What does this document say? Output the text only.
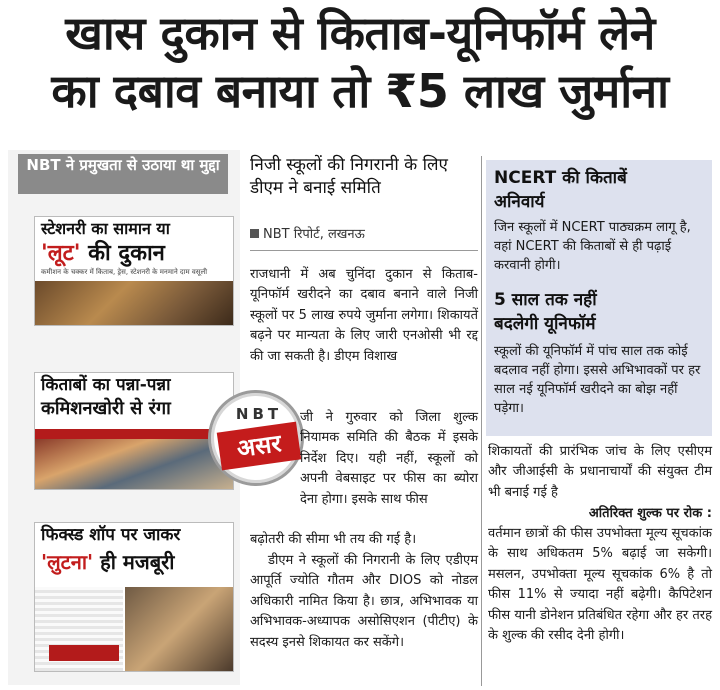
खास दुकान से किताब-यूनिफॉर्म लेने
का दबाव बनाया तो ₹5 लाख जुर्माना
NBT ने प्रमुखता से उठाया था मुद्दा
स्टेशनरी का सामान या
'लूट' की दुकान
कमीशन के चक्कर में किताब, ड्रेस, स्टेशनरी के मनमाने दाम वसूली
किताबों का पन्ना-पन्ना
कमिशनखोरी से रंगा
फिक्स्ड शॉप पर जाकर
'लुटना' ही मजबूरी
NBT
असर
निजी स्कूलों की निगरानी के लिए डीएम ने बनाई समिति
NBT रिपोर्ट, लखनऊ
राजधानी में अब चुनिंदा दुकान से किताब-यूनिफॉर्म खरीदने का दबाव बनाने वाले निजी स्कूलों पर 5 लाख रुपये जुर्माना लगेगा। शिकायतें बढ़ने पर मान्यता के लिए जारी एनओसी भी रद्द की जा सकती है। डीएम विशाख
जी ने गुरुवार को जिला शुल्क नियामक समिति की बैठक में इसके निर्देश दिए। यही नहीं, स्कूलों को अपनी वेबसाइट पर फीस का ब्योरा देना होगा। इसके साथ फीस
बढ़ोतरी की सीमा भी तय की गई है।
डीएम ने स्कूलों की निगरानी के लिए एडीएम आपूर्ति ज्योति गौतम और DIOS को नोडल अधिकारी नामित किया है। छात्र, अभिभावक या अभिभावक-अध्यापक असोसिएशन (पीटीए) के सदस्य इनसे शिकायत कर सकेंगे।
NCERT की किताबें
अनिवार्य
जिन स्कूलों में NCERT पाठ्यक्रम लागू है, वहां NCERT की किताबों से ही पढ़ाई करवानी होगी।
5 साल तक नहीं
बदलेगी यूनिफॉर्म
स्कूलों की यूनिफॉर्म में पांच साल तक कोई बदलाव नहीं होगा। इससे अभिभावकों पर हर साल नई यूनिफॉर्म खरीदने का बोझ नहीं पड़ेगा।
शिकायतों की प्रारंभिक जांच के लिए एसीएम और जीआईसी के प्रधानाचार्यों की संयुक्त टीम भी बनाई गई है
अतिरिक्त शुल्क पर रोक :
वर्तमान छात्रों की फीस उपभोक्ता मूल्य सूचकांक के साथ अधिकतम 5% बढ़ाई जा सकेगी। मसलन, उपभोक्ता मूल्य सूचकांक 6% है तो फीस 11% से ज्यादा नहीं बढ़ेगी। कैपिटेशन फीस यानी डोनेशन प्रतिबंधित रहेगा और हर तरह के शुल्क की रसीद देनी होगी।
